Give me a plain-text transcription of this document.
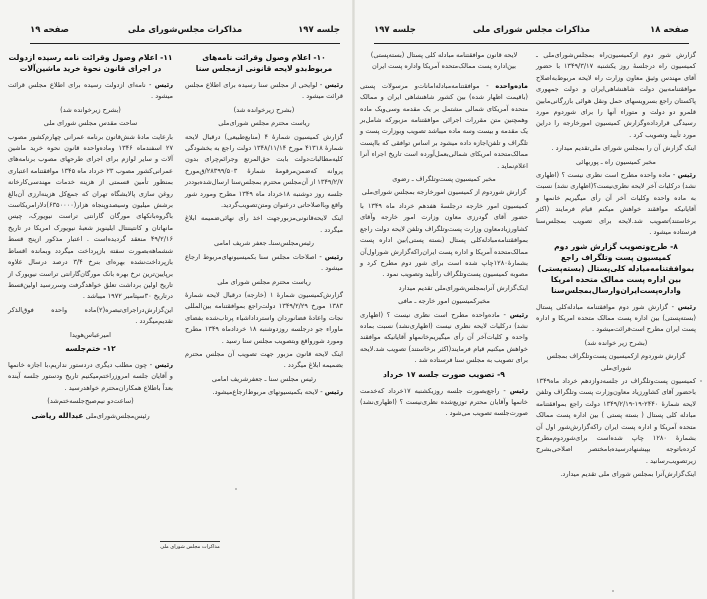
جلسه ۱۹۷
مذاکرات مجلس‌شورای ملی
صفحه ۱۹

۱۰- اعلام وصول وقرائت نامه‌های مربوط‌بدو لایحه قانونی ازمجلس سنا

رئیس - لوایحی از مجلس سنا رسیده برای اطلاع مجلس قرائت میشود .

(بشرح زیرخوانده شد)

ریاست محترم مجلس شورای‌ملی

گزارش کمیسیون شمارهٔ ۴ (منابع‌طبیعی) درقبال لایحه شمارهٔ ۴۱۳۱۸ مورخ ۱۳۴۸/۱۱/۱۴ دولت راجع به بخشودگی کلیه‌مطالبات‌دولت بابت حق‌المرتع وجرائم‌چرای بدون پروانه که‌ضمن‌مرقومهٔ شمارهٔ ۲۸۳۹۹/۵۰۳/ق‌مورخ ۱۳۴۹/۲/۷ از آن‌مجلس محترم بمجلس‌سنا ارسال‌شده‌بوددر جلسه روز دوشنبه ۱۸خرداد ماه ۱۳۴۹ مطرح ومورد شور واقع وبااصلاحاتی درعنوان ومتن‌تصویب‌گردید.

اینک لایحه‌قانونی‌مزبورجهت اخذ رأی نهائی‌ضمیمه ابلاغ میگردد .

رئیس‌مجلس‌سنا‌ـ جعفر شریف امامی

رئیس - اصلاحات مجلس سنا بکمیسیونهای‌مربوط ارجاع میشود .

ریاست محترم مجلس شورای ملی

گزارش‌کمیسیون شمارهٔ ۱ (خارجه) درقبال لایحه شمارهٔ ۱۳۸۳ مورخ ۱۳۴۹/۲/۲۹ دولت‌راجع بموافقتنامه بین‌المللی نجات واعادهٔ فضانوردان واسترداداشیاء پرتاب‌شده بفضای ماوراء جو درجلسه روزدوشنبه ۱۸ خردادماه ۱۳۴۹ مطرح ومورد شورواقع وبتصویب مجلس سنا رسید .

اینک لایحه قانون مزبور جهت تصویب آن مجلس محترم بضمیمه ابلاغ میگردد .

رئیس مجلس سنا ـ جعفرشریف امامی

رئیس - لایحه بکمیسیونهای مربوط‌ارجاع‌میشود.

۱۱- اعلام وصول وقرائت نامه رسیده ازدولت در اجرای قانون نحوهٔ خرید ماشین‌آلات

رئیس - نامه‌ای ازدولت رسیده برای اطلاع مجلس قرائت میشود .

(بشرح زیرخوانده شد)

ساحت مقدس مجلس شورای ملی

بارعایت مادهٔ شش‌قانون برنامه عمرانی چهارم‌کشور مصوب ۲۷ اسفندماه ۱۳۴۶ وماده‌واحده قانون نحوه خرید ماشین آلات و سایر لوازم برای اجرای طرحهای مصوب برنامه‌های عمرانی‌کشور مصوب ۲۳ خرداد ماه ۱۳۴۵ موافقتنامه اعتباری بمنظور تأمین قسمتی از هزینه خدمات مهندسی‌کارخانه روغن سازی پالایشگاه تهران که جمع‌کل هزینه‌ارزی آن‌بالغ برشش میلیون وسیصدوپنجاه هزار(۶۳۵۰۰۰۰)دلارامریکاست باگروه‌بانکهای مورگان گارانتی تراست نیویورک، چیس مانهاتان و کانتیننتال ایلینویز شعبهٔ نیویورک امریکا در تاریخ ۴۹/۲/۱۶ منعقد گردیده‌است . اعتبار مذکور ازپنج قسط ششماهه‌بصورت سفته بازپرداخت میگردد وبمانده اقساط بازپرداخت‌نشده بهره‌ای بنرخ ۳/۴ درصد درسال علاوه برپایین‌ترین نرخ بهره بانک مورگان‌گارانتی تراست نیویورک از تاریخ اولین برداشت تعلق خواهدگرفت وسررسید اولین‌قسط درتاریخ ۳۰سپتامبر ۱۹۷۲ میباشد .

این‌گزارش‌دراجرای‌تبصره(۲)ماده واحده فوق‌الذکر تقدیم‌میگردد .

امیرعباس‌هویدا

۱۲- ختم‌جلسه

رئیس - چون مطلب دیگری دردستور نداریم،با اجازه خانمها و آقایان جلسه امروزراختم‌میکنیم تاریخ ودستور جلسه آینده بعداً باطلاع همکاران‌محترم خواهدرسید .

(ساعت‌دو نیم‌صبح‌جلسه‌ختم‌شد)

رئیس‌مجلس‌شورای‌ملی عبدالله ریاضی

مذاکرات مجلس شورای ملی
صفحه ۱۸
مذاکرات مجلس شورای ملی
جلسه ۱۹۷

گزارش شور دوم ازکمیسیون‌راه بمجلس‌شورای‌ملی ـ کمیسیون راه درجلسهٔ روز یکشنبه ۱۳۴۹/۳/۱۷ با حضور آقای مهندس وثیق معاون وزارت راه لایحه مربوط‌به‌اصلاح موافقتنامه‌بین دولت شاهنشاهی‌ایران و دولت جمهوری پاکستان راجع بسرویسهای حمل ونقل هوائی بازرگانی‌مابین قلمرو دو دولت و متوراء آنها را برای شوردوم مورد رسیدگی قرارداده‌وگزارش کمیسیون امورخارجه را دراین مورد تأیید وتصویب کرد .

اینک گزارش آن را بمجلس شورای ملی‌تقدیم میدارد .

مخبر کمیسیون راه ـ پوربهائی

رئیس - ماده واحده مطرح است نظری نیست ؟ (اظهاری نشد) درکلیات آخر لایحه نظری‌نیست؟(اظهاری نشد) نسبت به ماده واحده وکلیات آخر آن رأی میگیریم خانمها و آقایانیکه موافقند خواهش میکنم قیام فرمایند (اکثر برخاستند)تصویب شد.لایحه برای تصویب بمجلس‌سنا فرستاده میشود .

۸- طرح‌وتصویب گزارش شور دوم کمیسیون پست وتلگراف راجع بموافقتنامه‌مبادله کلی‌پستال (بسته‌پستی) بین اداره پست ممالک متحده امریکا واداره‌پست‌ایران‌وارسال‌بمجلس‌سنا

رئیس - گزارش شور دوم موافقتنامه مبادله‌کلی پستال (بسته‌پستی) بین اداره پست ممالک متحده امریکا و اداره پست ایران مطرح است‌قرائت‌میشود .

(بشرح زیر خوانده شد)

گزارش شوردوم ازکمیسیون پست‌وتلگراف بمجلس شورای‌ملی

کمیسیون پست‌وتلگراف در جلسه‌دوازدهم خرداد ماه۱۳۴۹ باحضور آقای کشاورزیاد معاون‌وزارت پست وتلگراف وتلفن لایحه شمارهٔ ۲۴۴۰-۱۹-۱۳۴۹/۲/۱۹ دولت راجع بموافقتنامه مبادله کلی پستال ( بسته پستی ) بین اداره پست ممالک متحده آمریکا و اداره پست ایران راکه‌گزارش‌شور اول آن بشمارهٔ ۱۲۸۰ چاپ شده‌است برای‌شوردوم‌مطرح کرده‌باتوجه بپیشنهادرسیده‌بامختصر اصلاحی‌بشرح زیرتصویب‌رسانید .

اینک‌گزارش‌آنرا بمجلس شورای ملی تقدیم میدارد.

لایحه قانون موافقتنامه مبادله کلی پستال (بسته‌پستی) بین‌اداره پست ممالک‌متحده آمریکا واداره پست ایران

ماده‌واحده - موافقتنامه‌مبادله‌امانات‌و مرسولات پستی (باقیمت اظهار شده) بین کشور شاهنشاهی ایران و ممالک متحده آمریکای شمالی مشتمل بر یک مقدمه وسی‌ویک ماده وهمچنین متن مقررات اجرائی موافقتنامه مزبورکه شامل‌بر یک مقدمه و بیست وسه ماده میباشد تصویب وبوزارت پست و تلگراف و تلفن‌اجازه داده میشود بر اساس توافقی که بااپست ممالک‌متحده امریکای شمالی‌بعمل‌آورده است تاریخ اجراء آنرا اعلام‌نماید .

مخبر کمیسیون پست‌وتلگراف ـ رضوی

گزارش شوردوم از کمیسیون امورخارجه بمجلس شورای‌ملی

کمیسیون امور خارجه درجلسهٔ هفدهم خرداد ماه ۱۳۴۹ با حضور آقای گودرزی معاون وزارت امور خارجه وآقای کشاورزیادمعاون وزارت پست‌وتلگراف وتلفن لایحه دولت راجع بموافقتنامه‌مبادله‌کلی پستال (بسته پستی)بین اداره پست ممالک‌متحده آمریکا و اداره پست ایران‌راکه‌گزارش شوراول‌آن بشمارهٔ۱۲۸۰چاپ شده است برای شور دوم مطرح کرد و مصوبه کمیسیون پست‌وتلگراف راتأیید وتصویب نمود .

اینک‌گزارش آنرابمجلس‌شورای‌ملی تقدیم میدارد

مخبرکمیسیون امور خارجه ـ مافی

رئیس - ماده‌واحده مطرح است نظری نیست ؟ (اظهاری نشد) درکلیات لایحه نظری نیست (اظهاری‌نشد) نسبت بماده واحده و کلیات‌آخر آن رأی میگیریم‌خانمهاو آقایانیکه موافقند خواهش میکنیم قیام فرمایند(اکثر برخاستند) تصویب شد.لایحه برای تصویب به مجلس سنا فرستاده شد .

۹- تصویب صورت جلسه ۱۷ خرداد

رئیس - راجع‌بصورت جلسه روزیکشنبه ۱۷خرداد که‌خدمت خانمها وآقایان محترم توزیع‌شده نظری‌نیست ؟ (اظهاری‌نشد) صورت‌جلسه تصویب می‌شود .
